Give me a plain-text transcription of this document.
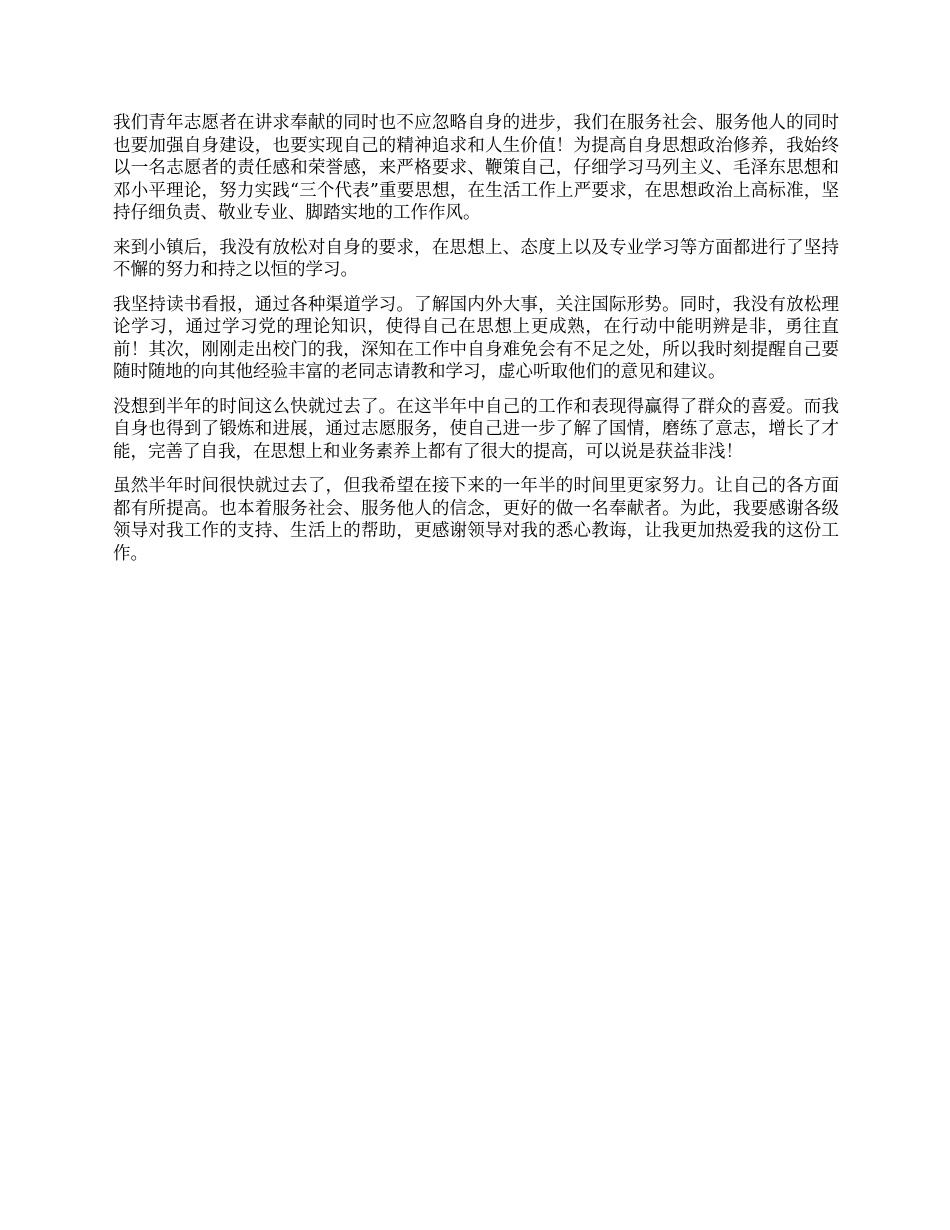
我们青年志愿者在讲求奉献的同时也不应忽略自身的进步，我们在服务社会、服务他人的同时也要加强自身建设，也要实现自己的精神追求和人生价值！为提高自身思想政治修养，我始终以一名志愿者的责任感和荣誉感，来严格要求、鞭策自己，仔细学习马列主义、毛泽东思想和邓小平理论，努力实践“三个代表”重要思想，在生活工作上严要求，在思想政治上高标准，坚持仔细负责、敬业专业、脚踏实地的工作作风。

来到小镇后，我没有放松对自身的要求，在思想上、态度上以及专业学习等方面都进行了坚持不懈的努力和持之以恒的学习。

我坚持读书看报，通过各种渠道学习。了解国内外大事，关注国际形势。同时，我没有放松理论学习，通过学习党的理论知识，使得自己在思想上更成熟，在行动中能明辨是非，勇往直前！其次，刚刚走出校门的我，深知在工作中自身难免会有不足之处，所以我时刻提醒自己要随时随地的向其他经验丰富的老同志请教和学习，虚心听取他们的意见和建议。

没想到半年的时间这么快就过去了。在这半年中自己的工作和表现得赢得了群众的喜爱。而我自身也得到了锻炼和进展，通过志愿服务，使自己进一步了解了国情，磨练了意志，增长了才能，完善了自我，在思想上和业务素养上都有了很大的提高，可以说是获益非浅！

虽然半年时间很快就过去了，但我希望在接下来的一年半的时间里更家努力。让自己的各方面都有所提高。也本着服务社会、服务他人的信念，更好的做一名奉献者。为此，我要感谢各级领导对我工作的支持、生活上的帮助，更感谢领导对我的悉心教诲，让我更加热爱我的这份工作。
